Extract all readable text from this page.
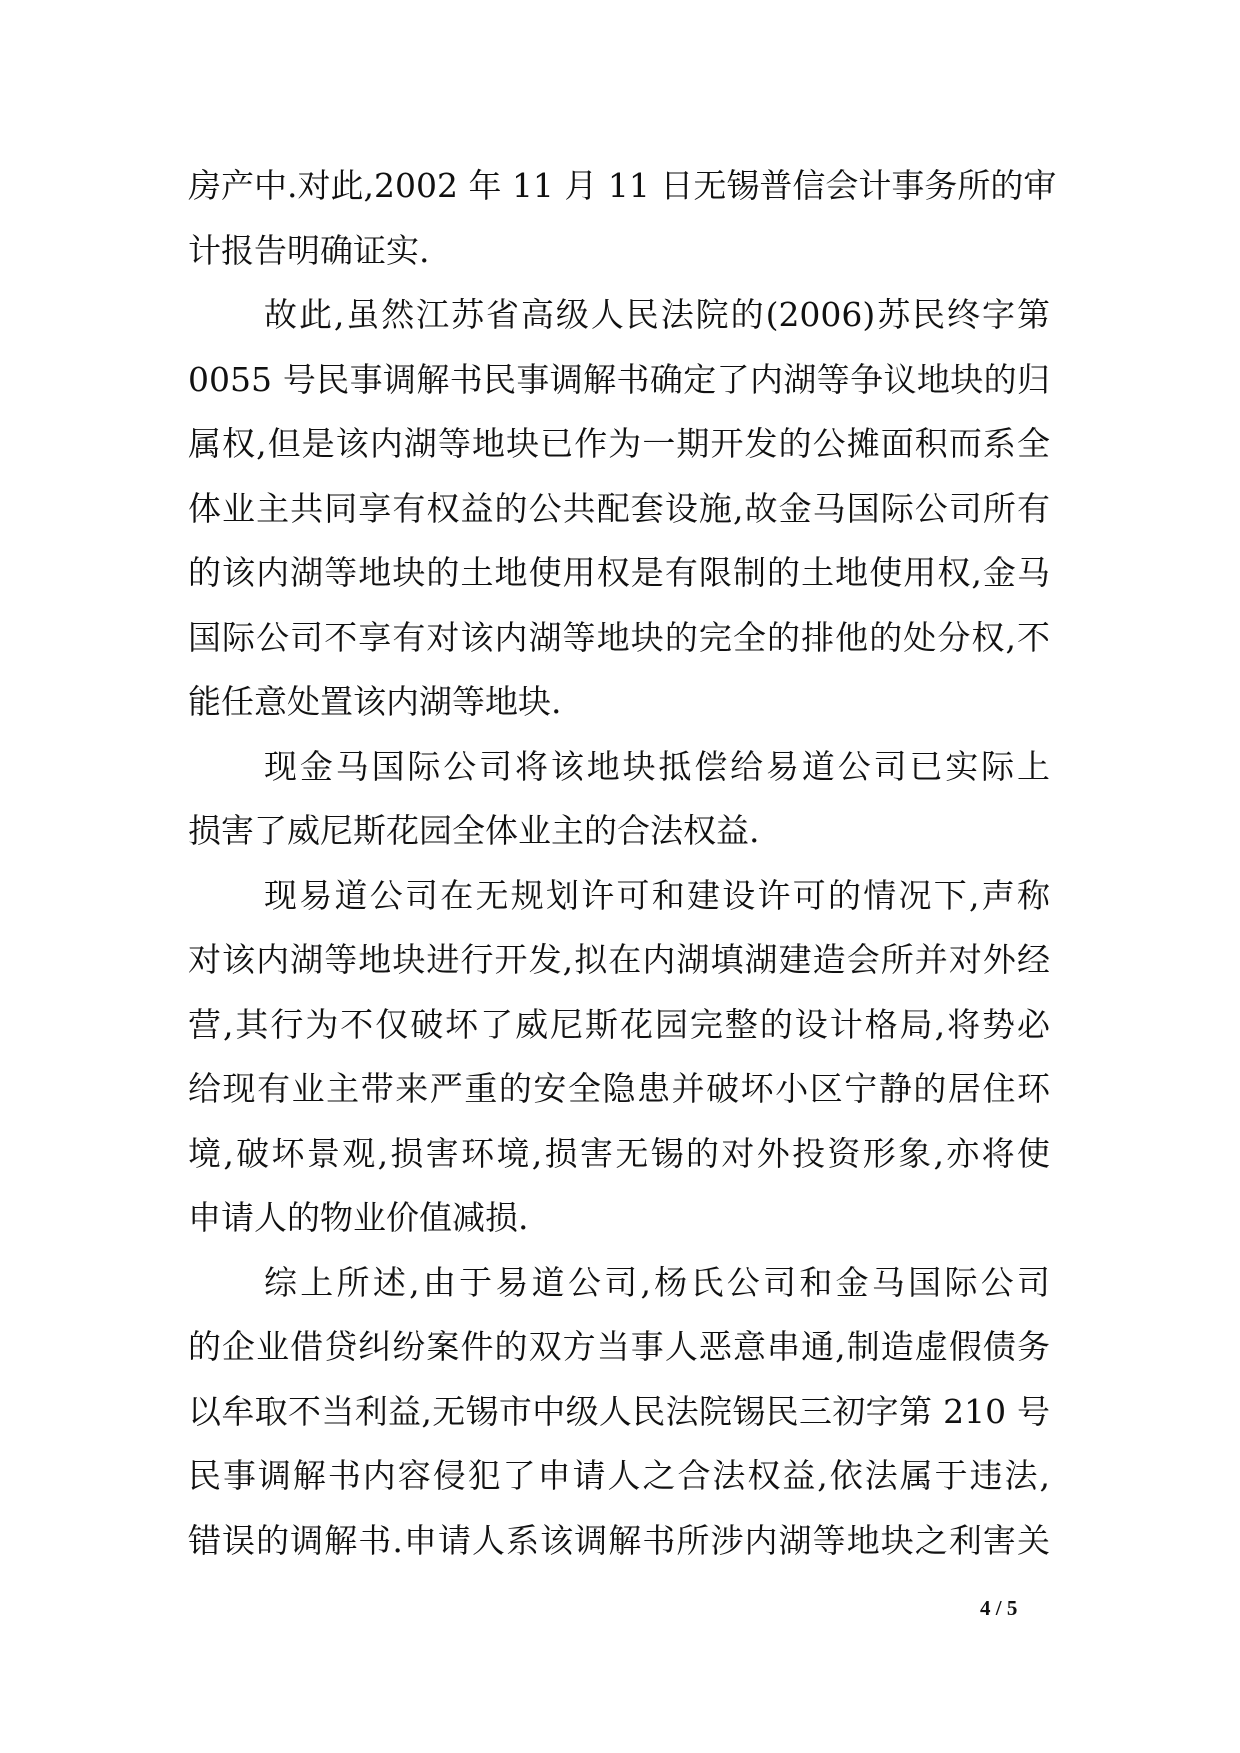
房产中.对此,2002 年 11 月 11 日无锡普信会计事务所的审
计报告明确证实.
故此,虽然江苏省高级人民法院的(2006)苏民终字第
0055 号民事调解书民事调解书确定了内湖等争议地块的归
属权,但是该内湖等地块已作为一期开发的公摊面积而系全
体业主共同享有权益的公共配套设施,故金马国际公司所有
的该内湖等地块的土地使用权是有限制的土地使用权,金马
国际公司不享有对该内湖等地块的完全的排他的处分权,不
能任意处置该内湖等地块.
现金马国际公司将该地块抵偿给易道公司已实际上
损害了威尼斯花园全体业主的合法权益.
现易道公司在无规划许可和建设许可的情况下,声称
对该内湖等地块进行开发,拟在内湖填湖建造会所并对外经
营,其行为不仅破坏了威尼斯花园完整的设计格局,将势必
给现有业主带来严重的安全隐患并破坏小区宁静的居住环
境,破坏景观,损害环境,损害无锡的对外投资形象,亦将使
申请人的物业价值减损.
综上所述,由于易道公司,杨氏公司和金马国际公司
的企业借贷纠纷案件的双方当事人恶意串通,制造虚假债务
以牟取不当利益,无锡市中级人民法院锡民三初字第 210 号
民事调解书内容侵犯了申请人之合法权益,依法属于违法,
错误的调解书.申请人系该调解书所涉内湖等地块之利害关
4 / 5
